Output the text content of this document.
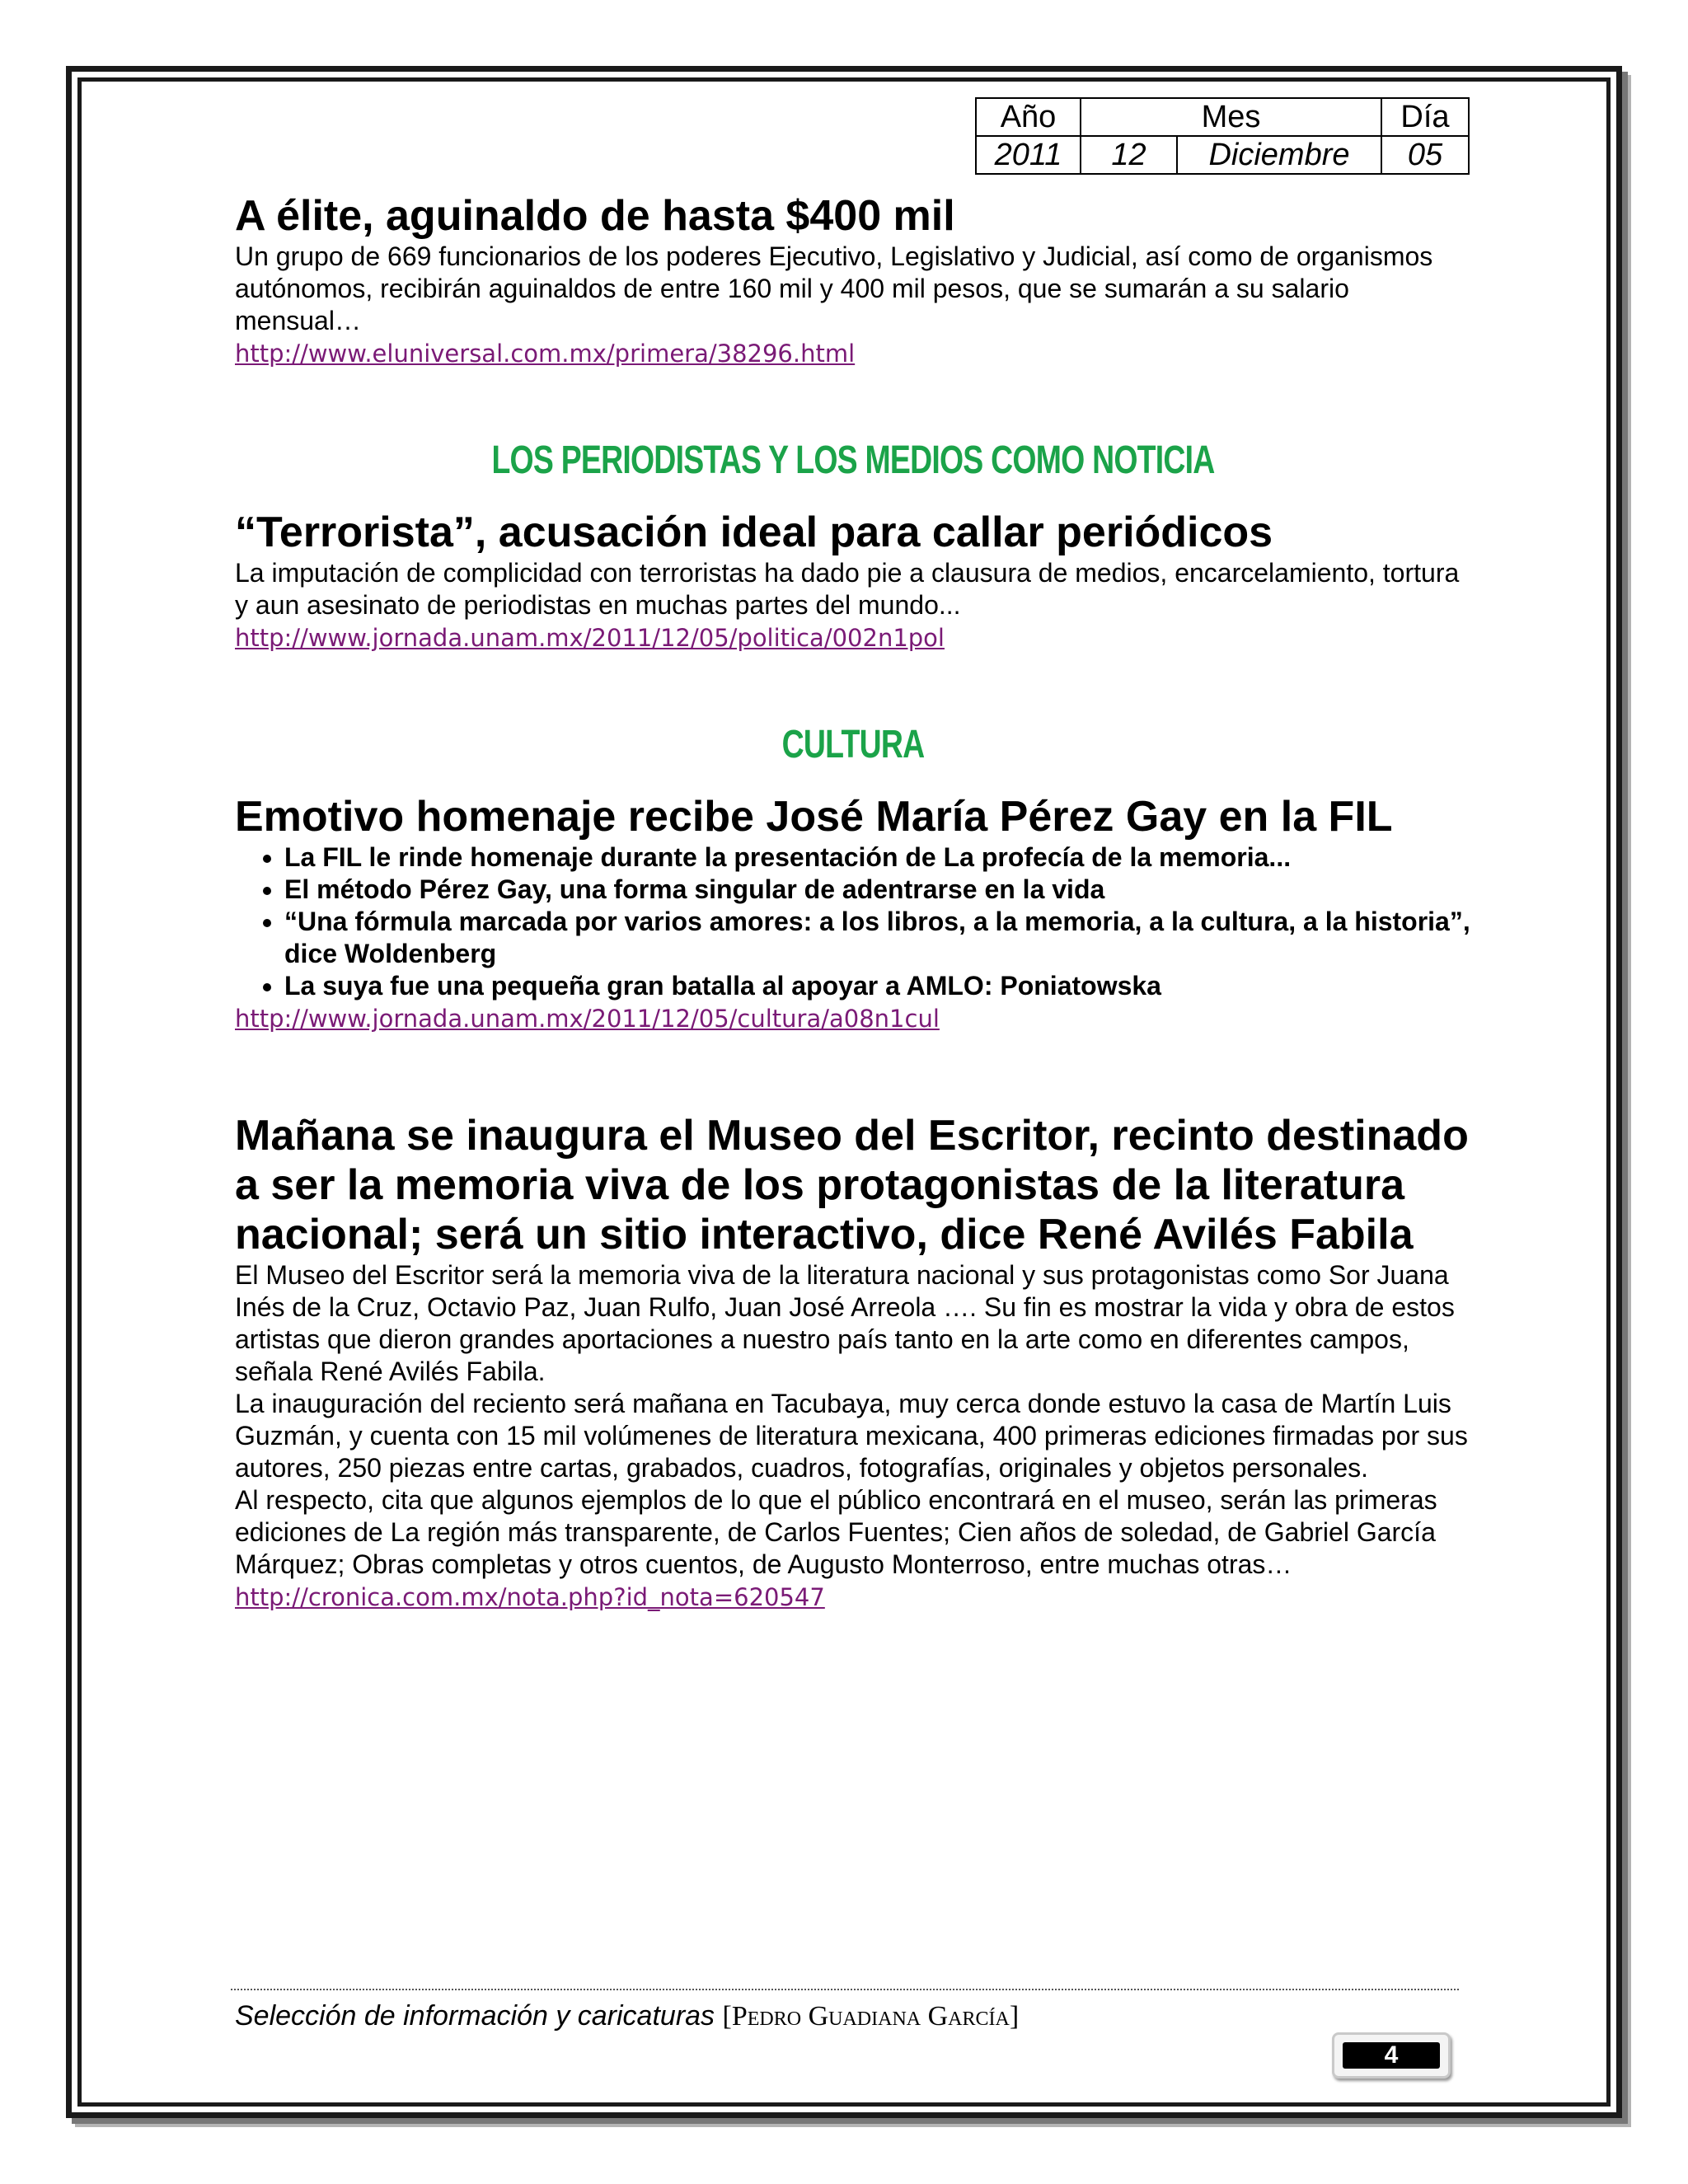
Año	Mes		Día
2011	12	Diciembre	05
A élite, aguinaldo de hasta $400 mil

Un grupo de 669 funcionarios de los poderes Ejecutivo, Legislativo y Judicial, así como de organismos autónomos, recibirán aguinaldos de entre 160 mil y 400 mil pesos, que se sumarán a su salario mensual…

http://www.eluniversal.com.mx/primera/38296.html
LOS PERIODISTAS Y LOS MEDIOS COMO NOTICIA
“Terrorista”, acusación ideal para callar periódicos

La imputación de complicidad con terroristas ha dado pie a clausura de medios, encarcelamiento, tortura y aun asesinato de periodistas en muchas partes del mundo...

http://www.jornada.unam.mx/2011/12/05/politica/002n1pol
CULTURA
Emotivo homenaje recibe José María Pérez Gay en la FIL
• La FIL le rinde homenaje durante la presentación de La profecía de la memoria...
• El método Pérez Gay, una forma singular de adentrarse en la vida
• “Una fórmula marcada por varios amores: a los libros, a la memoria, a la cultura, a la historia”, dice Woldenberg
• La suya fue una pequeña gran batalla al apoyar a AMLO: Poniatowska
http://www.jornada.unam.mx/2011/12/05/cultura/a08n1cul
Mañana se inaugura el Museo del Escritor, recinto destinado a ser la memoria viva de los protagonistas de la literatura nacional; será un sitio interactivo, dice René Avilés Fabila

El Museo del Escritor será la memoria viva de la literatura nacional y sus protagonistas como Sor Juana Inés de la Cruz, Octavio Paz, Juan Rulfo, Juan José Arreola …. Su fin es mostrar la vida y obra de estos artistas que dieron grandes aportaciones a nuestro país tanto en la arte como en diferentes campos, señala René Avilés Fabila.

La inauguración del reciento será mañana en Tacubaya, muy cerca donde estuvo la casa de Martín Luis Guzmán, y cuenta con 15 mil volúmenes de literatura mexicana, 400 primeras ediciones firmadas por sus autores, 250 piezas entre cartas, grabados, cuadros, fotografías, originales y objetos personales.

Al respecto, cita que algunos ejemplos de lo que el público encontrará en el museo, serán las primeras ediciones de La región más transparente, de Carlos Fuentes; Cien años de soledad, de Gabriel García Márquez; Obras completas y otros cuentos, de Augusto Monterroso, entre muchas otras…

http://cronica.com.mx/nota.php?id_nota=620547
Selección de información y caricaturas [Pedro Guadiana García]
4
